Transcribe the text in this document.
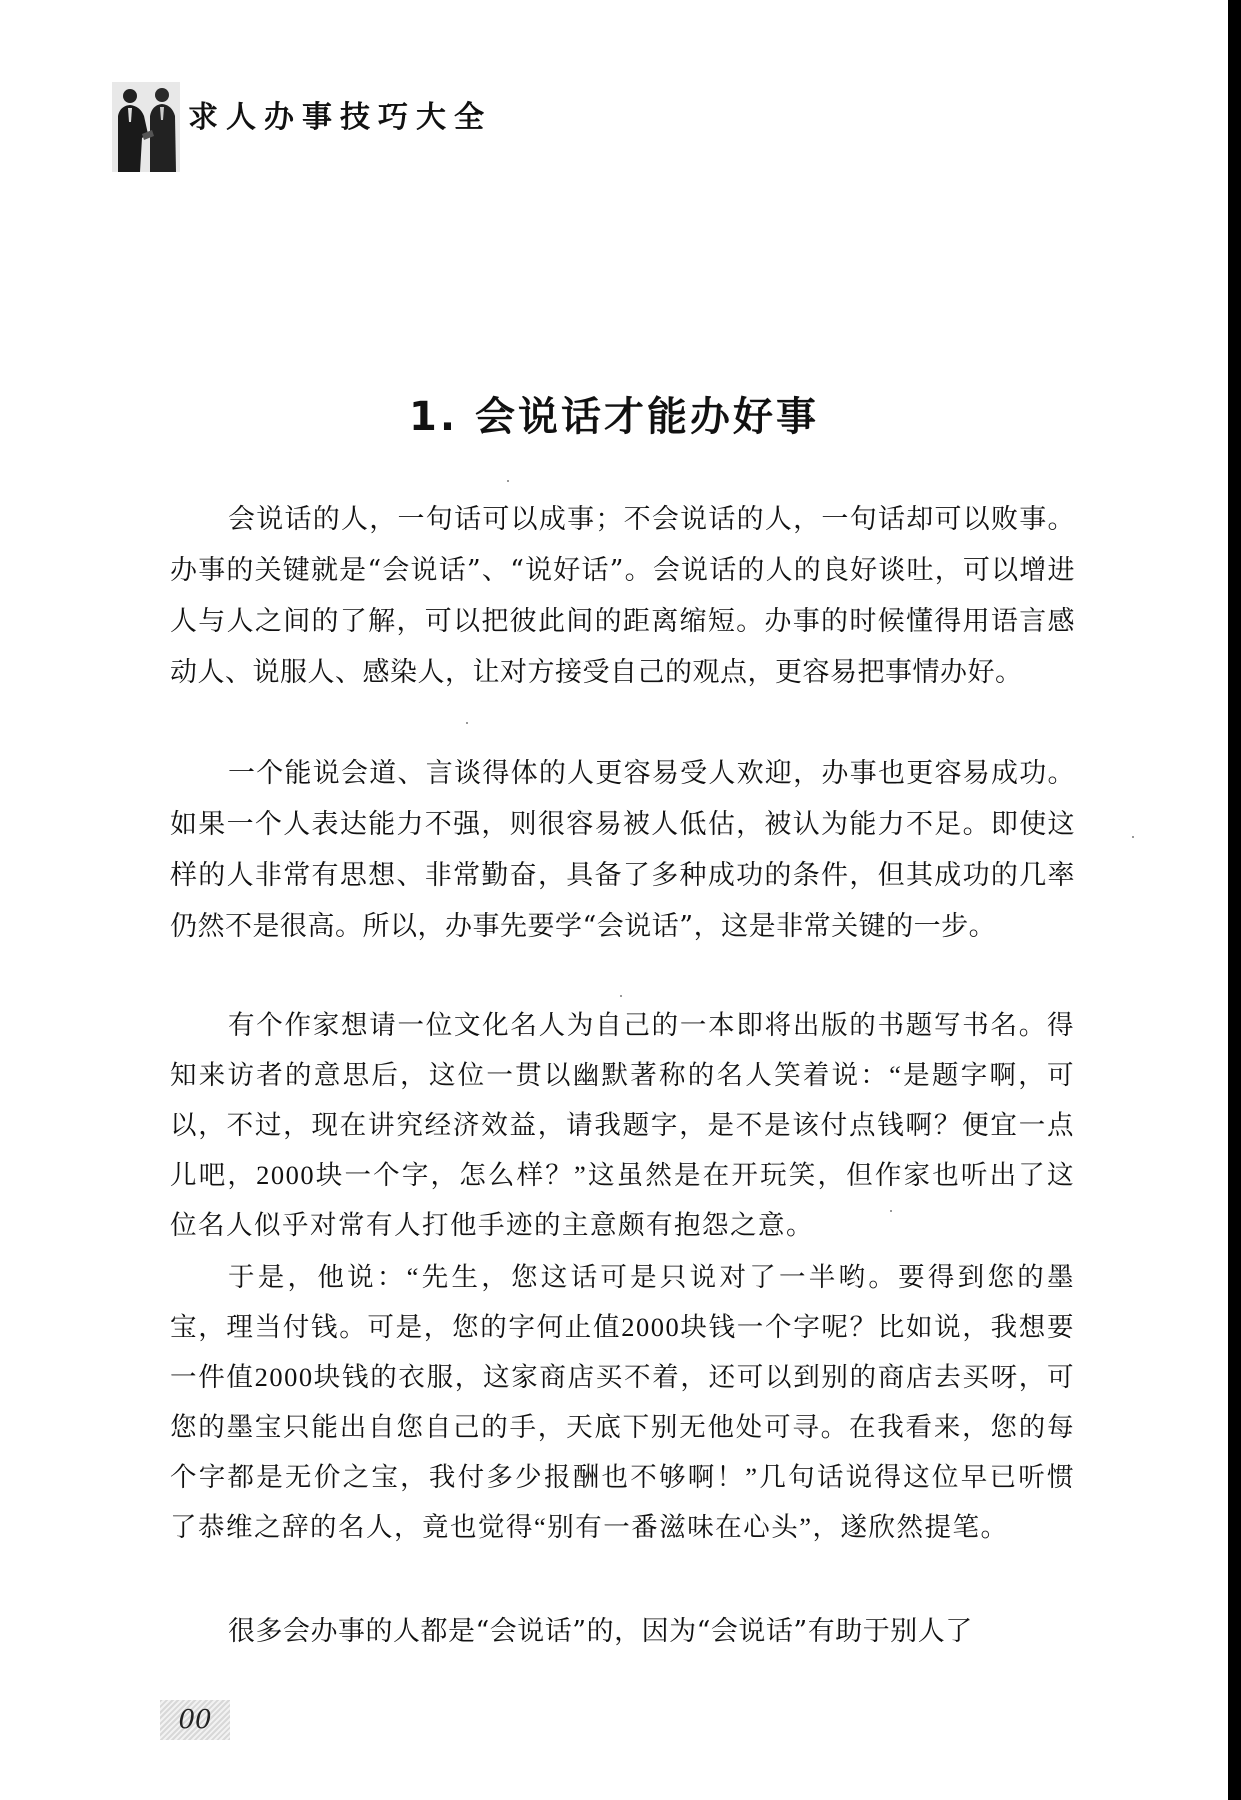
求人办事技巧大全
1. 会说话才能办好事

会说话的人，一句话可以成事；不会说话的人，一句话却可以败事。办事的关键就是“会说话”、“说好话”。会说话的人的良好谈吐，可以增进人与人之间的了解，可以把彼此间的距离缩短。办事的时候懂得用语言感动人、说服人、感染人，让对方接受自己的观点，更容易把事情办好。

一个能说会道、言谈得体的人更容易受人欢迎，办事也更容易成功。如果一个人表达能力不强，则很容易被人低估，被认为能力不足。即使这样的人非常有思想、非常勤奋，具备了多种成功的条件，但其成功的几率仍然不是很高。所以，办事先要学“会说话”，这是非常关键的一步。

有个作家想请一位文化名人为自己的一本即将出版的书题写书名。得知来访者的意思后，这位一贯以幽默著称的名人笑着说：“是题字啊，可以，不过，现在讲究经济效益，请我题字，是不是该付点钱啊？便宜一点儿吧，2000块一个字，怎么样？”这虽然是在开玩笑，但作家也听出了这位名人似乎对常有人打他手迹的主意颇有抱怨之意。

于是，他说：“先生，您这话可是只说对了一半哟。要得到您的墨宝，理当付钱。可是，您的字何止值2000块钱一个字呢？比如说，我想要一件值2000块钱的衣服，这家商店买不着，还可以到别的商店去买呀，可您的墨宝只能出自您自己的手，天底下别无他处可寻。在我看来，您的每个字都是无价之宝，我付多少报酬也不够啊！”几句话说得这位早已听惯了恭维之辞的名人，竟也觉得“别有一番滋味在心头”，遂欣然提笔。

很多会办事的人都是“会说话”的，因为“会说话”有助于别人了

00
